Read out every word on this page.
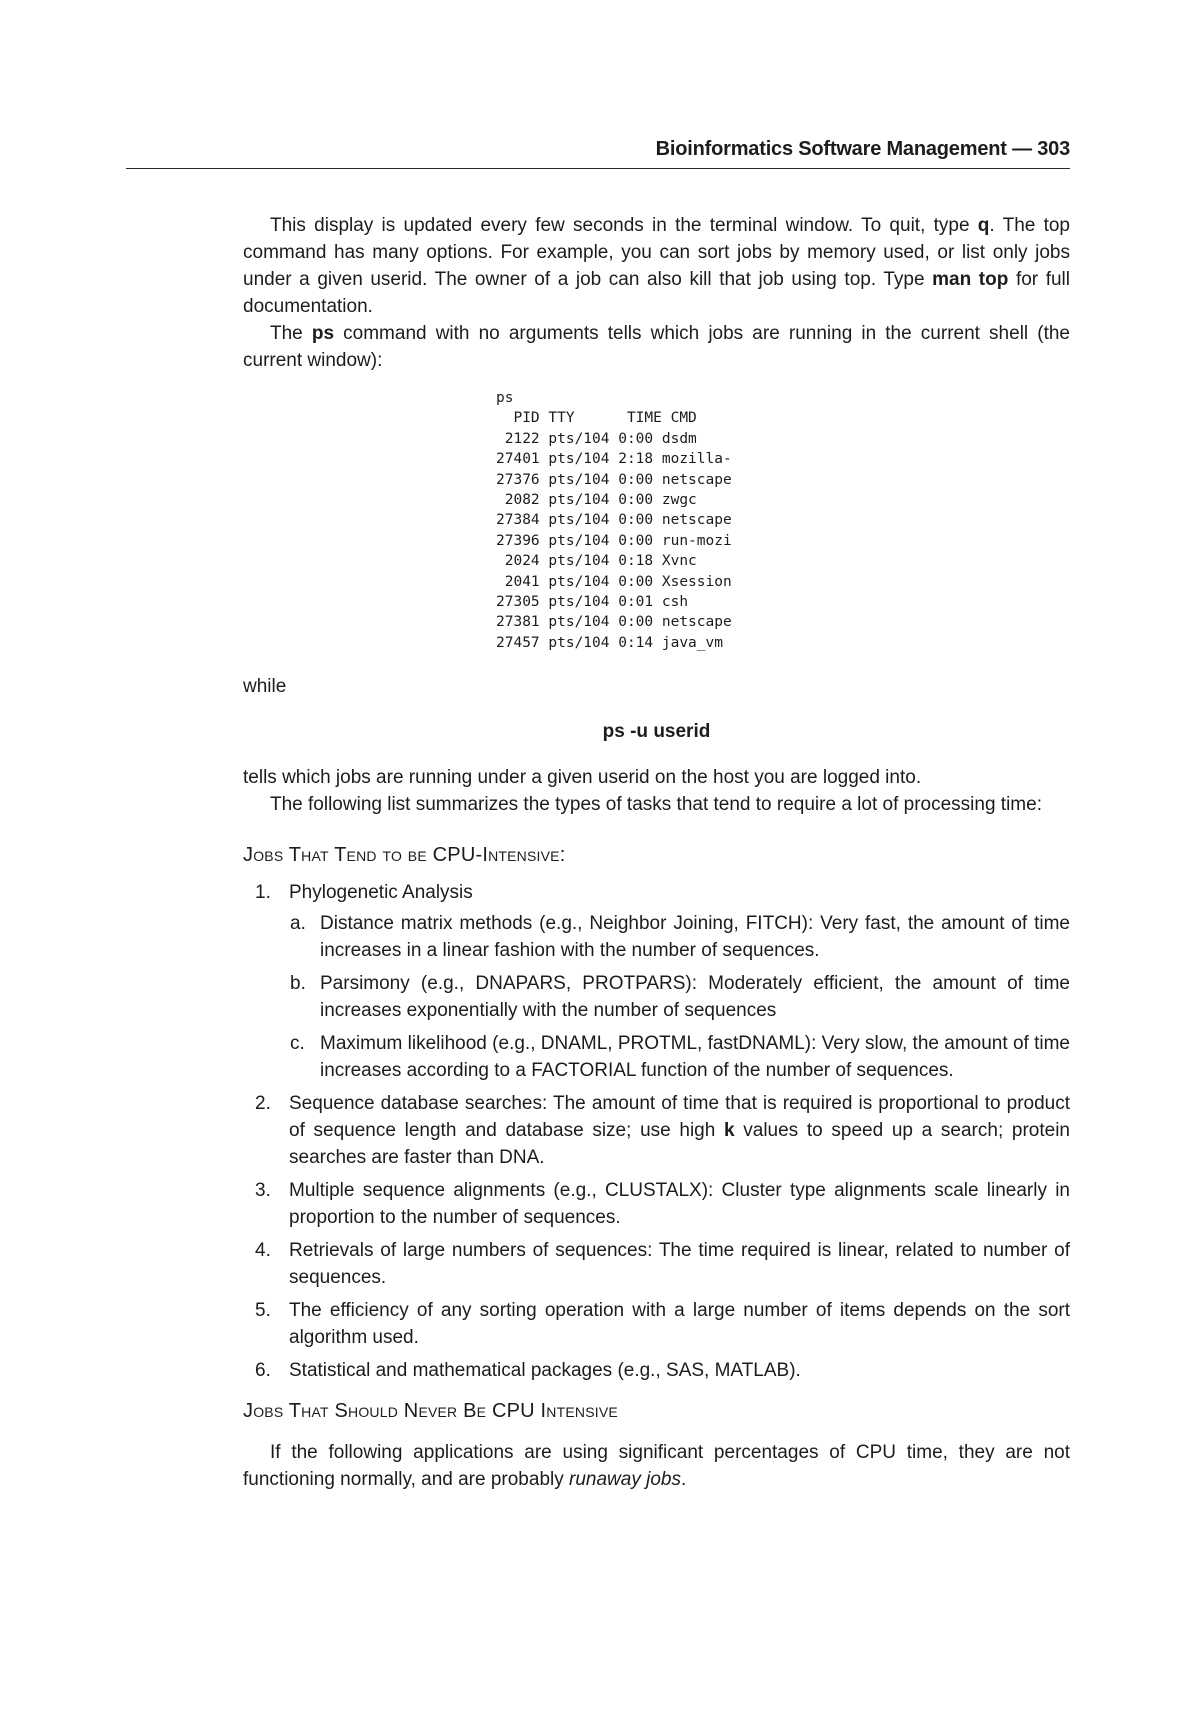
Bioinformatics Software Management — 303

This display is updated every few seconds in the terminal window. To quit, type q. The top command has many options. For example, you can sort jobs by memory used, or list only jobs under a given userid. The owner of a job can also kill that job using top. Type man top for full documentation.

The ps command with no arguments tells which jobs are running in the current shell (the current window):

ps
PID TTY      TIME CMD
2122 pts/104 0:00 dsdm
27401 pts/104 2:18 mozilla-
27376 pts/104 0:00 netscape
2082 pts/104 0:00 zwgc
27384 pts/104 0:00 netscape
27396 pts/104 0:00 run-mozi
2024 pts/104 0:18 Xvnc
2041 pts/104 0:00 Xsession
27305 pts/104 0:01 csh
27381 pts/104 0:00 netscape
27457 pts/104 0:14 java_vm

while

ps -u userid

tells which jobs are running under a given userid on the host you are logged into.

The following list summarizes the types of tasks that tend to require a lot of processing time:

Jobs That Tend to be CPU-Intensive:

1. Phylogenetic Analysis
a. Distance matrix methods (e.g., Neighbor Joining, FITCH): Very fast, the amount of time increases in a linear fashion with the number of sequences.
b. Parsimony (e.g., DNAPARS, PROTPARS): Moderately efficient, the amount of time increases exponentially with the number of sequences
c. Maximum likelihood (e.g., DNAML, PROTML, fastDNAML): Very slow, the amount of time increases according to a FACTORIAL function of the number of sequences.
2. Sequence database searches: The amount of time that is required is proportional to product of sequence length and database size; use high k values to speed up a search; protein searches are faster than DNA.
3. Multiple sequence alignments (e.g., CLUSTALX): Cluster type alignments scale linearly in proportion to the number of sequences.
4. Retrievals of large numbers of sequences: The time required is linear, related to number of sequences.
5. The efficiency of any sorting operation with a large number of items depends on the sort algorithm used.
6. Statistical and mathematical packages (e.g., SAS, MATLAB).

Jobs That Should Never Be CPU Intensive

If the following applications are using significant percentages of CPU time, they are not functioning normally, and are probably runaway jobs.
